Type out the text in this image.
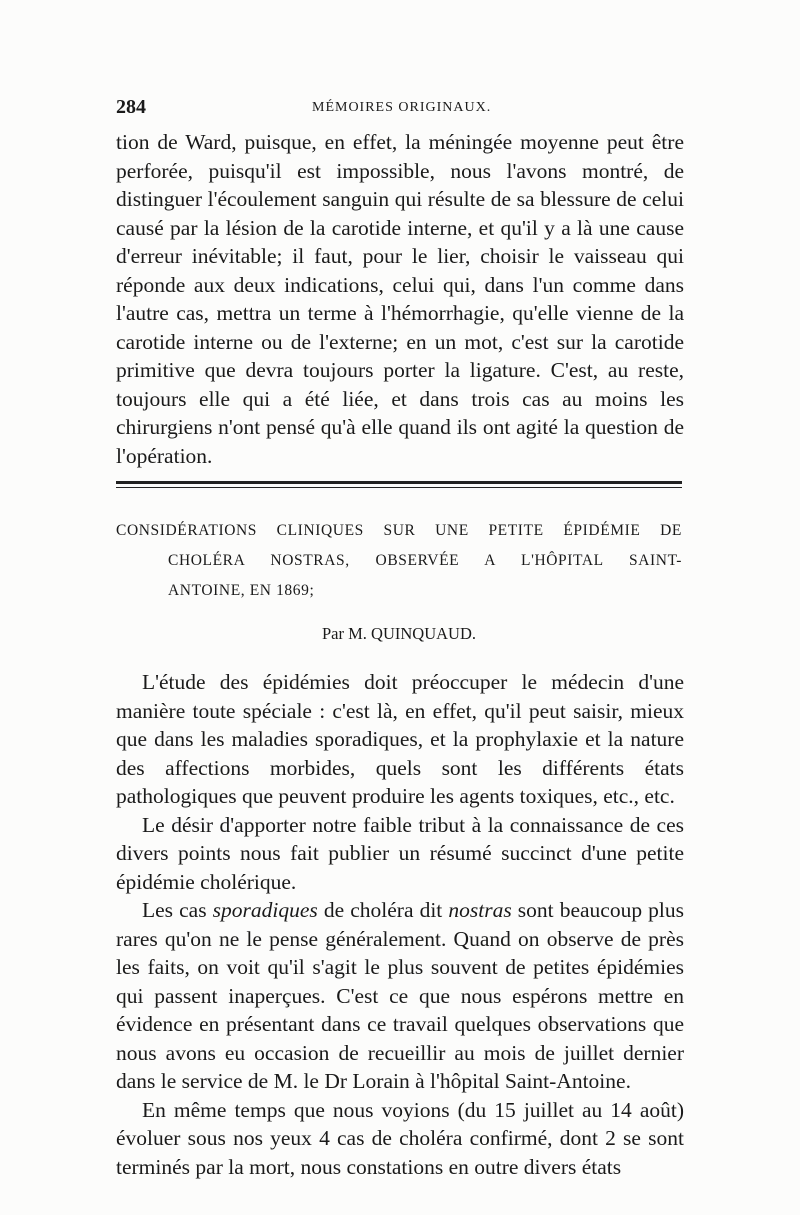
284	MÉMOIRES ORIGINAUX.

tion de Ward, puisque, en effet, la méningée moyenne peut être perforée, puisqu'il est impossible, nous l'avons montré, de distinguer l'écoulement sanguin qui résulte de sa blessure de celui causé par la lésion de la carotide interne, et qu'il y a là une cause d'erreur inévitable; il faut, pour le lier, choisir le vaisseau qui réponde aux deux indications, celui qui, dans l'un comme dans l'autre cas, mettra un terme à l'hémorrhagie, qu'elle vienne de la carotide interne ou de l'externe; en un mot, c'est sur la carotide primitive que devra toujours porter la ligature. C'est, au reste, toujours elle qui a été liée, et dans trois cas au moins les chirurgiens n'ont pensé qu'à elle quand ils ont agité la question de l'opération.

CONSIDÉRATIONS CLINIQUES SUR UNE PETITE ÉPIDÉMIE DE
CHOLÉRA NOSTRAS, OBSERVÉE A L'HÔPITAL SAINT-
ANTOINE, EN 1869;
Par M. QUINQUAUD.

L'étude des épidémies doit préoccuper le médecin d'une manière toute spéciale : c'est là, en effet, qu'il peut saisir, mieux que dans les maladies sporadiques, et la prophylaxie et la nature des affections morbides, quels sont les différents états pathologiques que peuvent produire les agents toxiques, etc., etc.

Le désir d'apporter notre faible tribut à la connaissance de ces divers points nous fait publier un résumé succinct d'une petite épidémie cholérique.

Les cas sporadiques de choléra dit nostras sont beaucoup plus rares qu'on ne le pense généralement. Quand on observe de près les faits, on voit qu'il s'agit le plus souvent de petites épidémies qui passent inaperçues. C'est ce que nous espérons mettre en évidence en présentant dans ce travail quelques observations que nous avons eu occasion de recueillir au mois de juillet dernier dans le service de M. le Dr Lorain à l'hôpital Saint-Antoine.

En même temps que nous voyions (du 15 juillet au 14 août) évoluer sous nos yeux 4 cas de choléra confirmé, dont 2 se sont terminés par la mort, nous constations en outre divers états
